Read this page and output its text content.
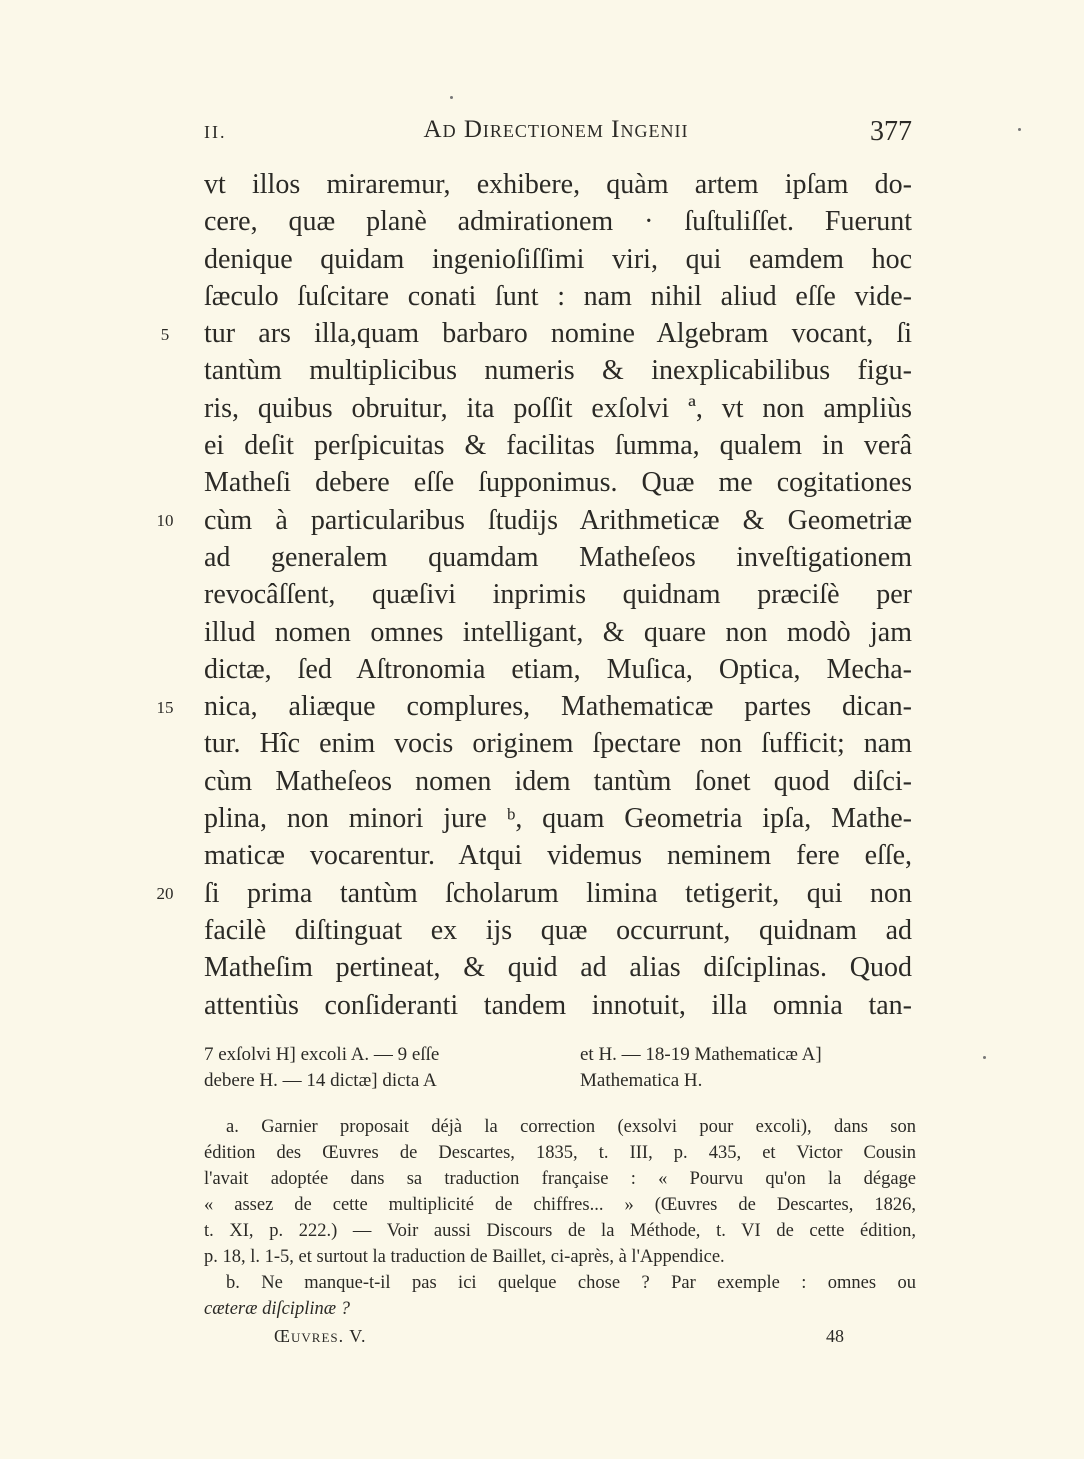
II.	Ad Directionem Ingenii	377
5
10
15
20
vt illos miraremur, exhibere, quàm artem ipſam do-
cere, quæ planè admirationem · ſuſtuliſſet. Fuerunt
denique quidam ingenioſiſſimi viri, qui eamdem hoc
ſæculo ſuſcitare conati ſunt : nam nihil aliud eſſe vide-
tur ars illa,quam barbaro nomine Algebram vocant, ſi
tantùm multiplicibus numeris & inexplicabilibus figu-
ris, quibus obruitur, ita poſſit exſolvi ª, vt non ampliùs
ei deſit perſpicuitas & facilitas ſumma, qualem in verâ
Matheſi debere eſſe ſupponimus. Quæ me cogitationes
cùm à particularibus ſtudijs Arithmeticæ & Geometriæ
ad generalem quamdam Matheſeos inveſtigationem
revocâſſent, quæſivi inprimis quidnam præciſè per
illud nomen omnes intelligant, & quare non modò jam
dictæ, ſed Aſtronomia etiam, Muſica, Optica, Mecha-
nica, aliæque complures, Mathematicæ partes dican-
tur. Hîc enim vocis originem ſpectare non ſufficit; nam
cùm Matheſeos nomen idem tantùm ſonet quod diſci-
plina, non minori jure ᵇ, quam Geometria ipſa, Mathe-
maticæ vocarentur. Atqui videmus neminem fere eſſe,
ſi prima tantùm ſcholarum limina tetigerit, qui non
facilè diſtinguat ex ijs quæ occurrunt, quidnam ad
Matheſim pertineat, & quid ad alias diſciplinas. Quod
attentiùs conſideranti tandem innotuit, illa omnia tan-
7 exſolvi H] excoli A. — 9 eſſe	et H. — 18-19 Mathematicæ A]
debere H. — 14 dictæ] dicta A	Mathematica H.
a. Garnier proposait déjà la correction (exsolvi pour excoli), dans son
édition des Œuvres de Descartes, 1835, t. III, p. 435, et Victor Cousin
l'avait adoptée dans sa traduction française : « Pourvu qu'on la dégage
« assez de cette multiplicité de chiffres... » (Œuvres de Descartes, 1826,
t. XI, p. 222.) — Voir aussi Discours de la Méthode, t. VI de cette édition,
p. 18, l. 1-5, et surtout la traduction de Baillet, ci-après, à l'Appendice.
b. Ne manque-t-il pas ici quelque chose ? Par exemple : omnes ou
cæteræ diſciplinæ ?
Œuvres. V.	48
